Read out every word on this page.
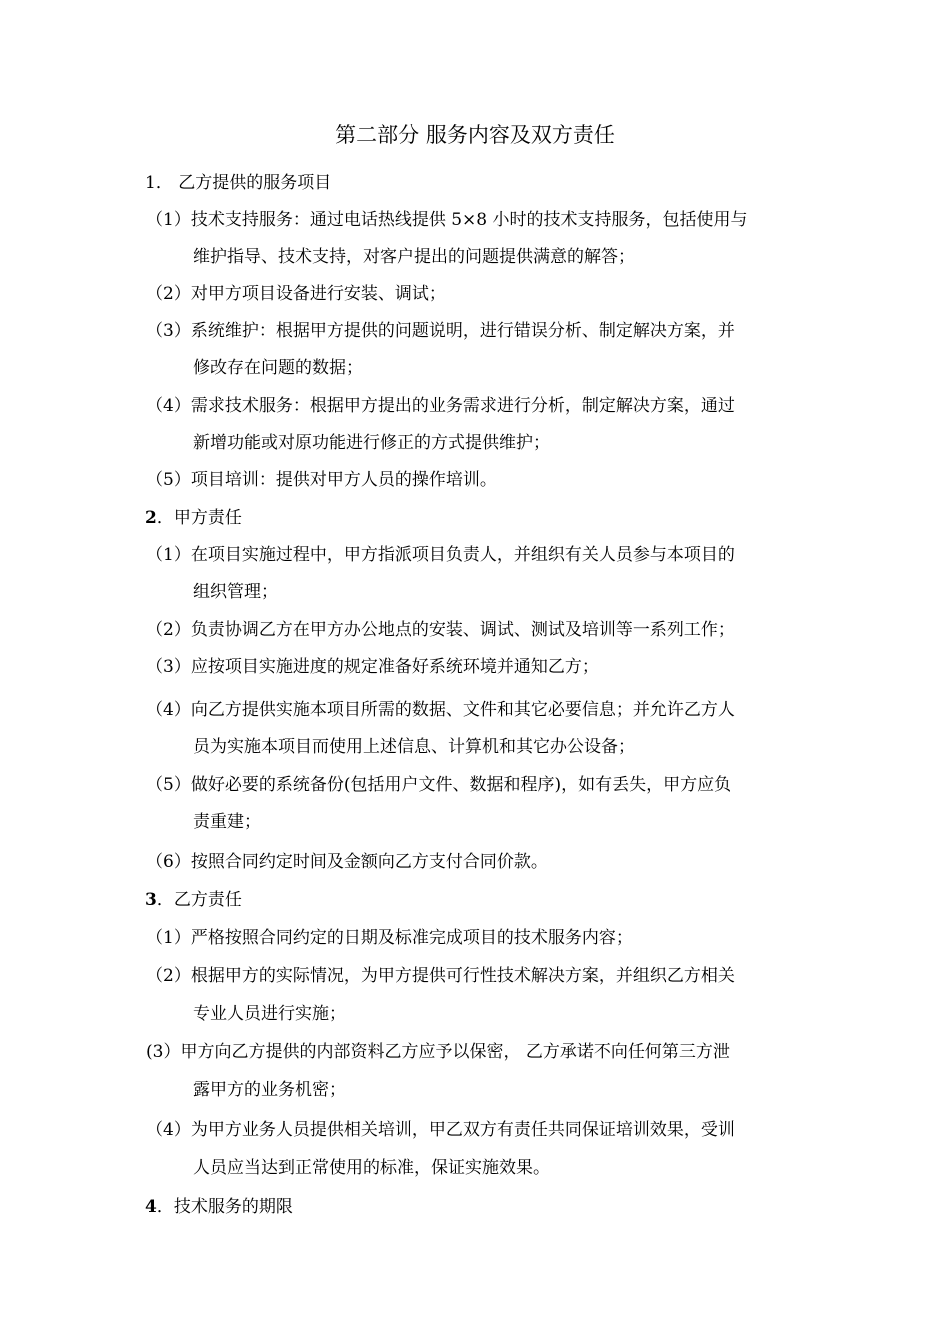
第二部分 服务内容及双方责任
1． 乙方提供的服务项目
（1）技术支持服务：通过电话热线提供 5×8 小时的技术支持服务，包括使用与
维护指导、技术支持，对客户提出的问题提供满意的解答；
（2）对甲方项目设备进行安装、调试；
（3）系统维护：根据甲方提供的问题说明，进行错误分析、制定解决方案，并
修改存在问题的数据；
（4）需求技术服务：根据甲方提出的业务需求进行分析，制定解决方案，通过
新增功能或对原功能进行修正的方式提供维护；
（5）项目培训：提供对甲方人员的操作培训。
2．甲方责任
（1）在项目实施过程中，甲方指派项目负责人，并组织有关人员参与本项目的
组织管理；
（2）负责协调乙方在甲方办公地点的安装、调试、测试及培训等一系列工作；
（3）应按项目实施进度的规定准备好系统环境并通知乙方；
（4）向乙方提供实施本项目所需的数据、文件和其它必要信息；并允许乙方人
员为实施本项目而使用上述信息、计算机和其它办公设备；
（5）做好必要的系统备份(包括用户文件、数据和程序)，如有丢失，甲方应负
责重建；
（6）按照合同约定时间及金额向乙方支付合同价款。
3．乙方责任
（1）严格按照合同约定的日期及标准完成项目的技术服务内容；
（2）根据甲方的实际情况，为甲方提供可行性技术解决方案，并组织乙方相关
专业人员进行实施；
(3）甲方向乙方提供的内部资料乙方应予以保密， 乙方承诺不向任何第三方泄
露甲方的业务机密；
（4）为甲方业务人员提供相关培训，甲乙双方有责任共同保证培训效果，受训
人员应当达到正常使用的标准，保证实施效果。
4．技术服务的期限
